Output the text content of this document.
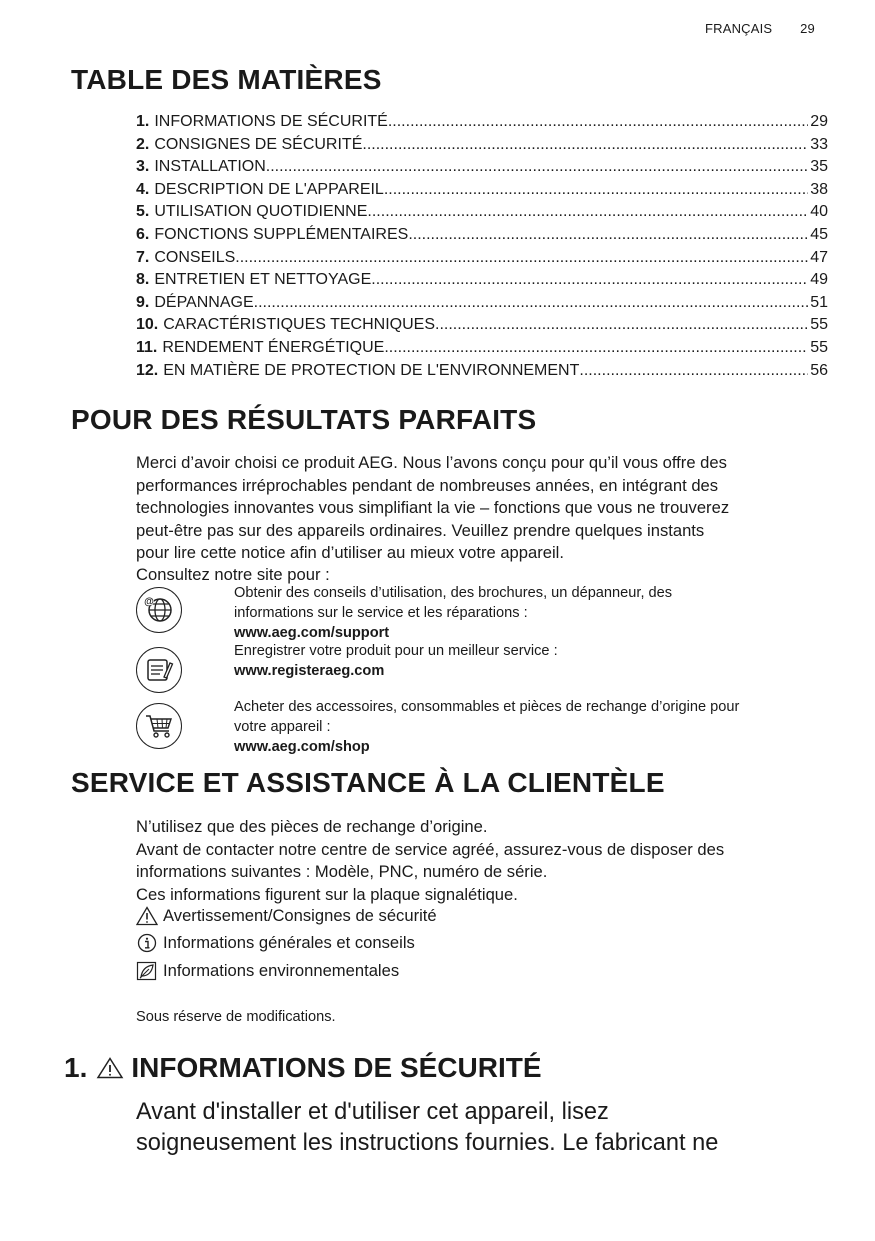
FRANÇAIS 29
TABLE DES MATIÈRES
1. INFORMATIONS DE SÉCURITÉ .....	29
2. CONSIGNES DE SÉCURITÉ .....	33
3. INSTALLATION .....	35
4. DESCRIPTION DE L'APPAREIL .....	38
5. UTILISATION QUOTIDIENNE .....	40
6. FONCTIONS SUPPLÉMENTAIRES .....	45
7. CONSEILS .....	47
8. ENTRETIEN ET NETTOYAGE .....	49
9. DÉPANNAGE .....	51
10. CARACTÉRISTIQUES TECHNIQUES .....	55
11. RENDEMENT ÉNERGÉTIQUE .....	55
12. EN MATIÈRE DE PROTECTION DE L'ENVIRONNEMENT .....	56
POUR DES RÉSULTATS PARFAITS
Merci d’avoir choisi ce produit AEG. Nous l’avons conçu pour qu’il vous offre des
performances irréprochables pendant de nombreuses années, en intégrant des
technologies innovantes vous simplifiant la vie – fonctions que vous ne trouverez
peut-être pas sur des appareils ordinaires. Veuillez prendre quelques instants
pour lire cette notice afin d’utiliser au mieux votre appareil.
Consultez notre site pour :
@
Obtenir des conseils d’utilisation, des brochures, un dépanneur, des
informations sur le service et les réparations :
www.aeg.com/support
Enregistrer votre produit pour un meilleur service :
www.registeraeg.com
Acheter des accessoires, consommables et pièces de rechange d’origine pour
votre appareil :
www.aeg.com/shop
SERVICE ET ASSISTANCE À LA CLIENTÈLE
N’utilisez que des pièces de rechange d’origine.
Avant de contacter notre centre de service agréé, assurez-vous de disposer des
informations suivantes : Modèle, PNC, numéro de série.
Ces informations figurent sur la plaque signalétique.
Avertissement/Consignes de sécurité
Informations générales et conseils
Informations environnementales
Sous réserve de modifications.
1. INFORMATIONS DE SÉCURITÉ
Avant d'installer et d'utiliser cet appareil, lisez
soigneusement les instructions fournies. Le fabricant ne
